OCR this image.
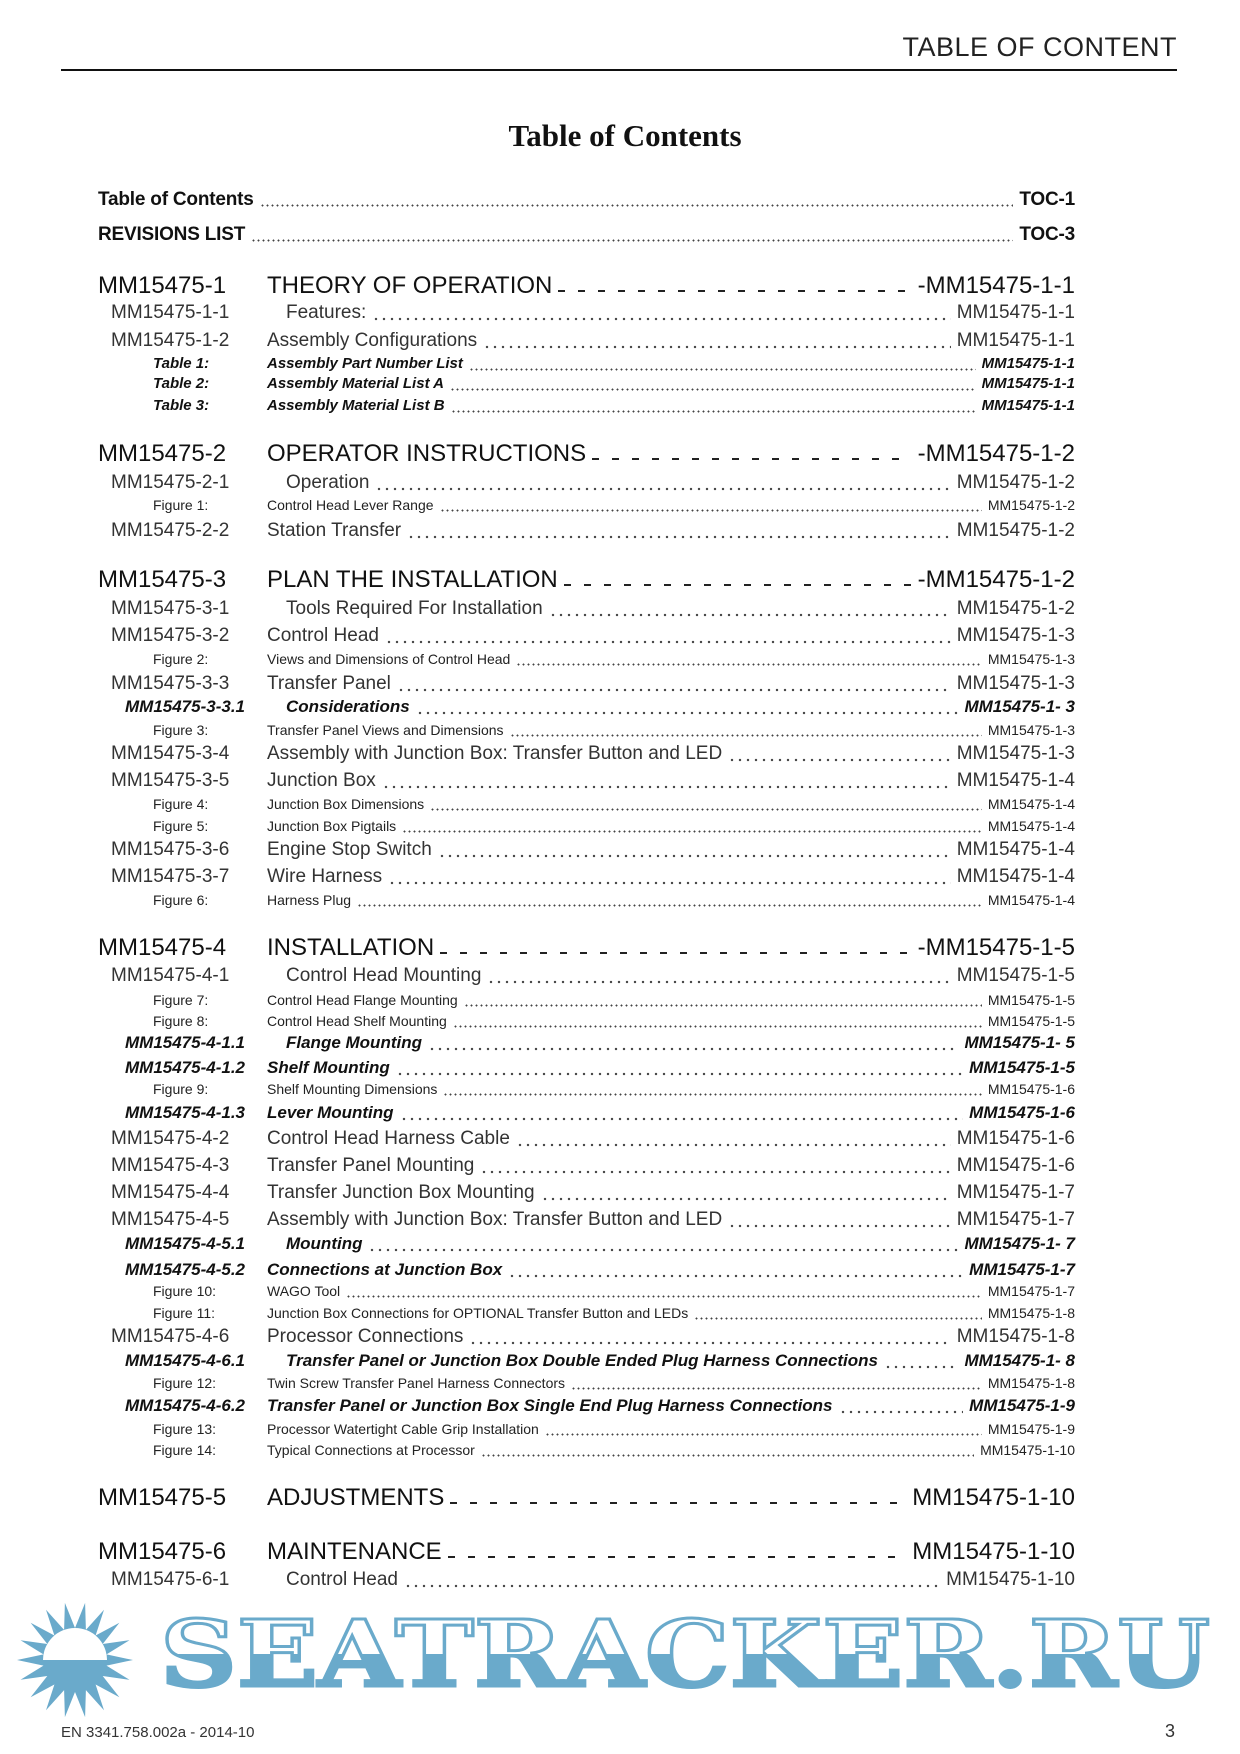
TABLE OF CONTENT
Table of Contents
Table of Contents	TOC-1
REVISIONS LIST	TOC-3
MM15475-1 THEORY OF OPERATION	-MM15475-1-1
MM15475-1-1	Features:	MM15475-1-1
MM15475-1-2 Assembly Configurations	MM15475-1-1
Table 1:	Assembly Part Number List	MM15475-1-1
Table 2:	Assembly Material List A	MM15475-1-1
Table 3:	Assembly Material List B	MM15475-1-1
MM15475-2 OPERATOR INSTRUCTIONS	-MM15475-1-2
MM15475-2-1	Operation	MM15475-1-2
Figure 1:	Control Head Lever Range	MM15475-1-2
MM15475-2-2 Station Transfer	MM15475-1-2
MM15475-3 PLAN THE INSTALLATION	-MM15475-1-2
MM15475-3-1	Tools Required For Installation	MM15475-1-2
MM15475-3-2 Control Head	MM15475-1-3
Figure 2:	Views and Dimensions of Control Head	MM15475-1-3
MM15475-3-3 Transfer Panel	MM15475-1-3
MM15475-3-3.1 Considerations	MM15475-1- 3
Figure 3:	Transfer Panel Views and Dimensions	MM15475-1-3
MM15475-3-4 Assembly with Junction Box: Transfer Button and LED	MM15475-1-3
MM15475-3-5 Junction Box	MM15475-1-4
Figure 4:	Junction Box Dimensions	MM15475-1-4
Figure 5:	Junction Box Pigtails	MM15475-1-4
MM15475-3-6 Engine Stop Switch	MM15475-1-4
MM15475-3-7 Wire Harness	MM15475-1-4
Figure 6:	Harness Plug	MM15475-1-4
MM15475-4 INSTALLATION	-MM15475-1-5
MM15475-4-1	Control Head Mounting	MM15475-1-5
Figure 7:	Control Head Flange Mounting	MM15475-1-5
Figure 8:	Control Head Shelf Mounting	MM15475-1-5
MM15475-4-1.1 Flange Mounting	MM15475-1- 5
MM15475-4-1.2 Shelf Mounting	MM15475-1-5
Figure 9:	Shelf Mounting Dimensions	MM15475-1-6
MM15475-4-1.3 Lever Mounting	MM15475-1-6
MM15475-4-2 Control Head Harness Cable	MM15475-1-6
MM15475-4-3 Transfer Panel Mounting	MM15475-1-6
MM15475-4-4 Transfer Junction Box Mounting	MM15475-1-7
MM15475-4-5 Assembly with Junction Box: Transfer Button and LED	MM15475-1-7
MM15475-4-5.1 Mounting	MM15475-1- 7
MM15475-4-5.2 Connections at Junction Box	MM15475-1-7
Figure 10:	WAGO Tool	MM15475-1-7
Figure 11:	Junction Box Connections for OPTIONAL Transfer Button and LEDs	MM15475-1-8
MM15475-4-6 Processor Connections	MM15475-1-8
MM15475-4-6.1 Transfer Panel or Junction Box Double Ended Plug Harness Connections	MM15475-1- 8
Figure 12:	Twin Screw Transfer Panel Harness Connectors	MM15475-1-8
MM15475-4-6.2 Transfer Panel or Junction Box Single End Plug Harness Connections	MM15475-1-9
Figure 13:	Processor Watertight Cable Grip Installation	MM15475-1-9
Figure 14:	Typical Connections at Processor	MM15475-1-10
MM15475-5 ADJUSTMENTS	MM15475-1-10
MM15475-6 MAINTENANCE	MM15475-1-10
MM15475-6-1	Control Head	MM15475-1-10
SEATRACKER.RU
EN 3341.758.002a - 2014-10	3
